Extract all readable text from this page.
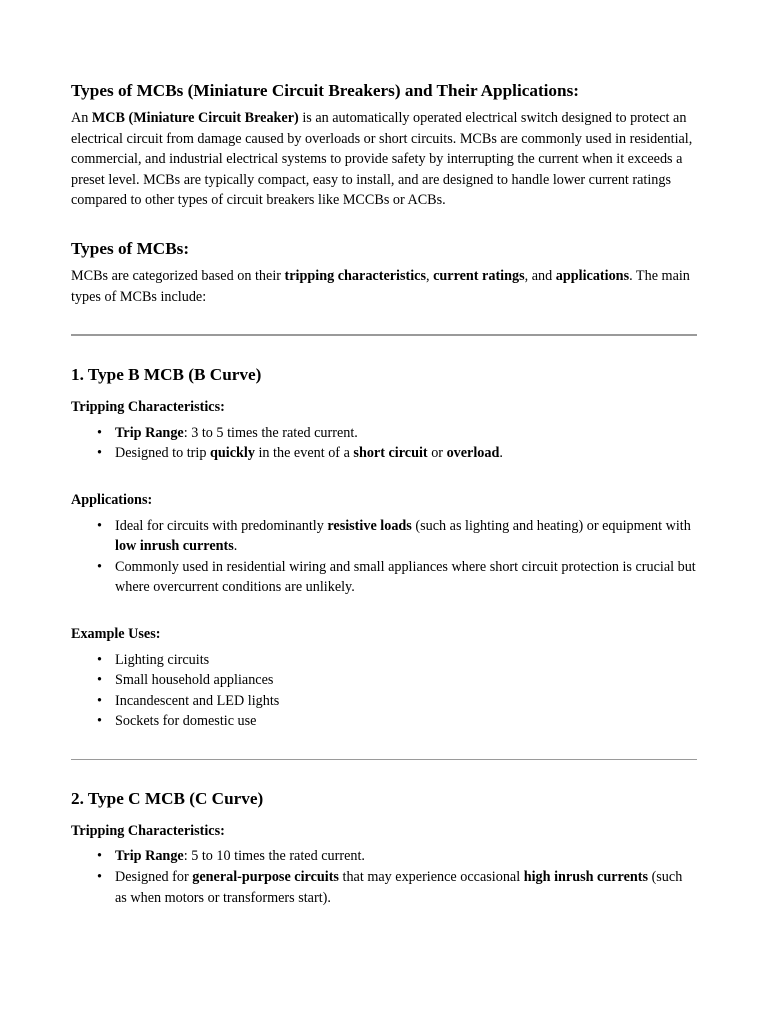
Types of MCBs (Miniature Circuit Breakers) and Their Applications:

An MCB (Miniature Circuit Breaker) is an automatically operated electrical switch designed to protect an electrical circuit from damage caused by overloads or short circuits. MCBs are commonly used in residential, commercial, and industrial electrical systems to provide safety by interrupting the current when it exceeds a preset level. MCBs are typically compact, easy to install, and are designed to handle lower current ratings compared to other types of circuit breakers like MCCBs or ACBs.

Types of MCBs:

MCBs are categorized based on their tripping characteristics, current ratings, and applications. The main types of MCBs include:

1. Type B MCB (B Curve)
Tripping Characteristics:
• Trip Range: 3 to 5 times the rated current.
• Designed to trip quickly in the event of a short circuit or overload.
Applications:
• Ideal for circuits with predominantly resistive loads (such as lighting and heating) or equipment with low inrush currents.
• Commonly used in residential wiring and small appliances where short circuit protection is crucial but where overcurrent conditions are unlikely.
Example Uses:
• Lighting circuits
• Small household appliances
• Incandescent and LED lights
• Sockets for domestic use
2. Type C MCB (C Curve)
Tripping Characteristics:
• Trip Range: 5 to 10 times the rated current.
• Designed for general-purpose circuits that may experience occasional high inrush currents (such as when motors or transformers start).
